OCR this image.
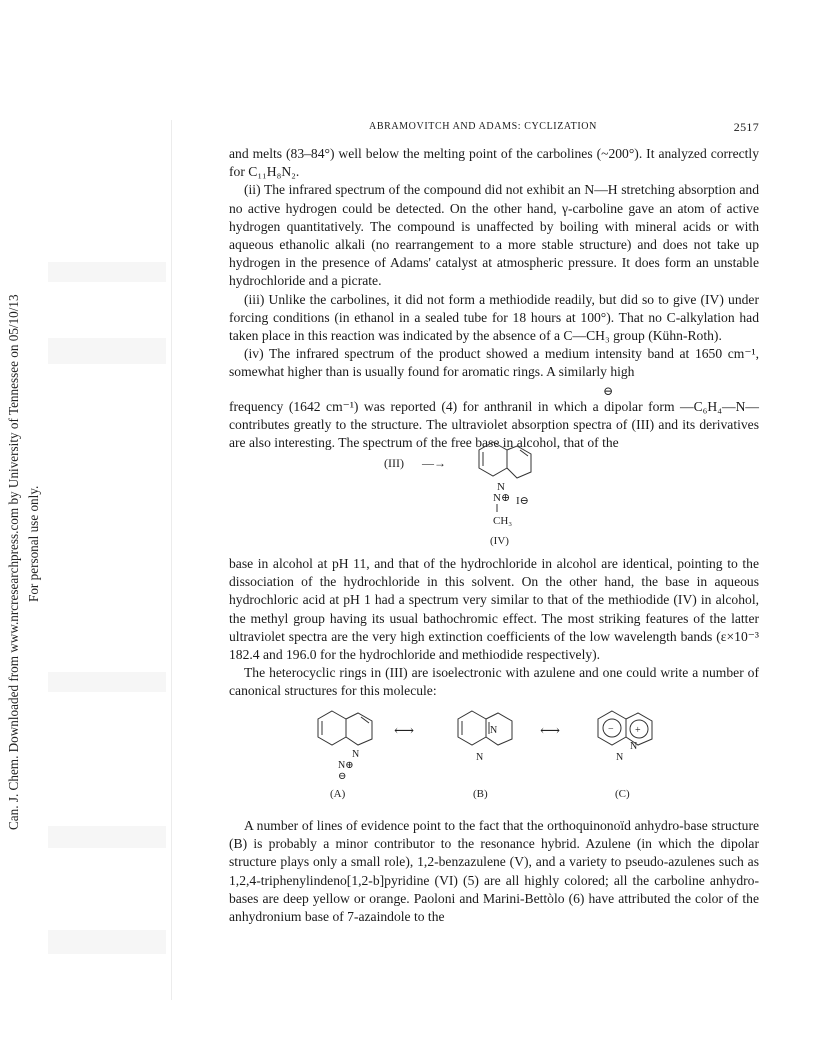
Can. J. Chem. Downloaded from www.nrcresearchpress.com by University of Tennessee on 05/10/13 For personal use only.
ABRAMOVITCH AND ADAMS: CYCLIZATION	2517

and melts (83–84°) well below the melting point of the carbolines (~200°). It analyzed correctly for C₁₁H₈N₂.

(ii) The infrared spectrum of the compound did not exhibit an N—H stretching absorption and no active hydrogen could be detected. On the other hand, γ-carboline gave an atom of active hydrogen quantitatively. The compound is unaffected by boiling with mineral acids or with aqueous ethanolic alkali (no rearrangement to a more stable structure) and does not take up hydrogen in the presence of Adams' catalyst at atmospheric pressure. It does form an unstable hydrochloride and a picrate.

(iii) Unlike the carbolines, it did not form a methiodide readily, but did so to give (IV) under forcing conditions (in ethanol in a sealed tube for 18 hours at 100°). That no C-alkylation had taken place in this reaction was indicated by the absence of a C—CH₃ group (Kühn-Roth).

(iv) The infrared spectrum of the product showed a medium intensity band at 1650 cm⁻¹, somewhat higher than is usually found for aromatic rings. A similarly high

⊖

frequency (1642 cm⁻¹) was reported (4) for anthranil in which a dipolar form —C₆H₄—N— contributes greatly to the structure. The ultraviolet absorption spectra of (III) and its derivatives are also interesting. The spectrum of the free base in alcohol, that of the

(III) —→
N
N⊕ I⊖
CH₃
(IV)

base in alcohol at pH 11, and that of the hydrochloride in alcohol are identical, pointing to the dissociation of the hydrochloride in this solvent. On the other hand, the base in aqueous hydrochloric acid at pH 1 had a spectrum very similar to that of the methiodide (IV) in alcohol, the methyl group having its usual bathochromic effect. The most striking features of the latter ultraviolet spectra are the very high extinction coefficients of the low wavelength bands (ε×10⁻³ 182.4 and 196.0 for the hydrochloride and methiodide respectively).

The heterocyclic rings in (III) are isoelectronic with azulene and one could write a number of canonical structures for this molecule:

N
N⊕
⊖
(A)
⟷	N
N
(B)
⟷	− +
N
N
(C)

A number of lines of evidence point to the fact that the orthoquinonoïd anhydro-base structure (B) is probably a minor contributor to the resonance hybrid. Azulene (in which the dipolar structure plays only a small role), 1,2-benzazulene (V), and a variety to pseudo-azulenes such as 1,2,4-triphenylindeno[1,2-b]pyridine (VI) (5) are all highly colored; all the carboline anhydro-bases are deep yellow or orange. Paoloni and Marini-Bettòlo (6) have attributed the color of the anhydronium base of 7-azaindole to the
